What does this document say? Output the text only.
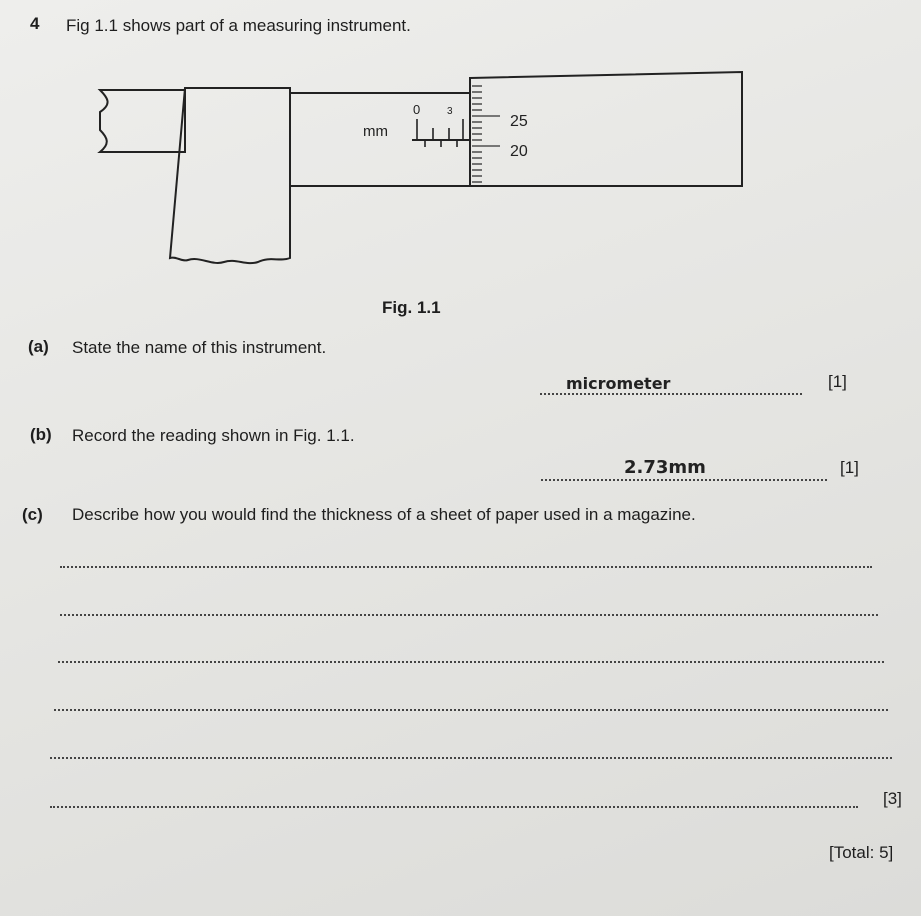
4 Fig 1.1 shows part of a measuring instrument.
mm
0	3
25
20
Fig. 1.1
(a) State the name of this instrument.
micrometer	[1]
(b) Record the reading shown in Fig. 1.1.
2.73mm	[1]
(c) Describe how you would find the thickness of a sheet of paper used in a magazine.
[3]
[Total: 5]
